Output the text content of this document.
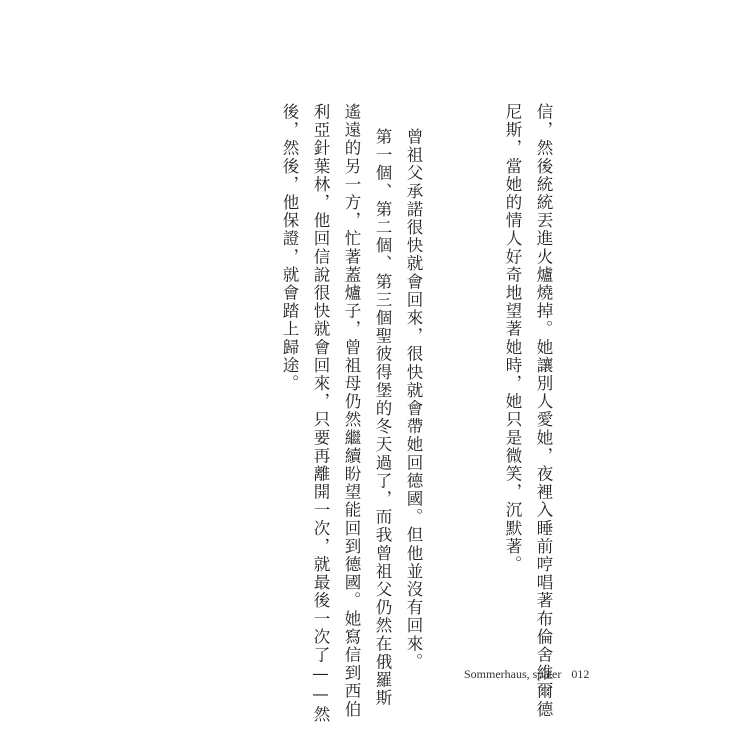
信，然後統統丟進火爐燒掉。她讓別人愛她，夜裡入睡前哼唱著布倫舍維爾德
尼斯，當她的情人好奇地望著她時，她只是微笑，沉默著。
曾祖父承諾很快就會回來，很快就會帶她回德國。但他並沒有回來。
第一個、第二個、第三個聖彼得堡的冬天過了，而我曾祖父仍然在俄羅斯
遙遠的另一方，忙著蓋爐子，曾祖母仍然繼續盼望能回到德國。她寫信到西伯
利亞針葉林，他回信說很快就會回來，只要再離開一次，就最後一次了——然
後，然後，他保證，就會踏上歸途。
Sommerhaus, später 012
